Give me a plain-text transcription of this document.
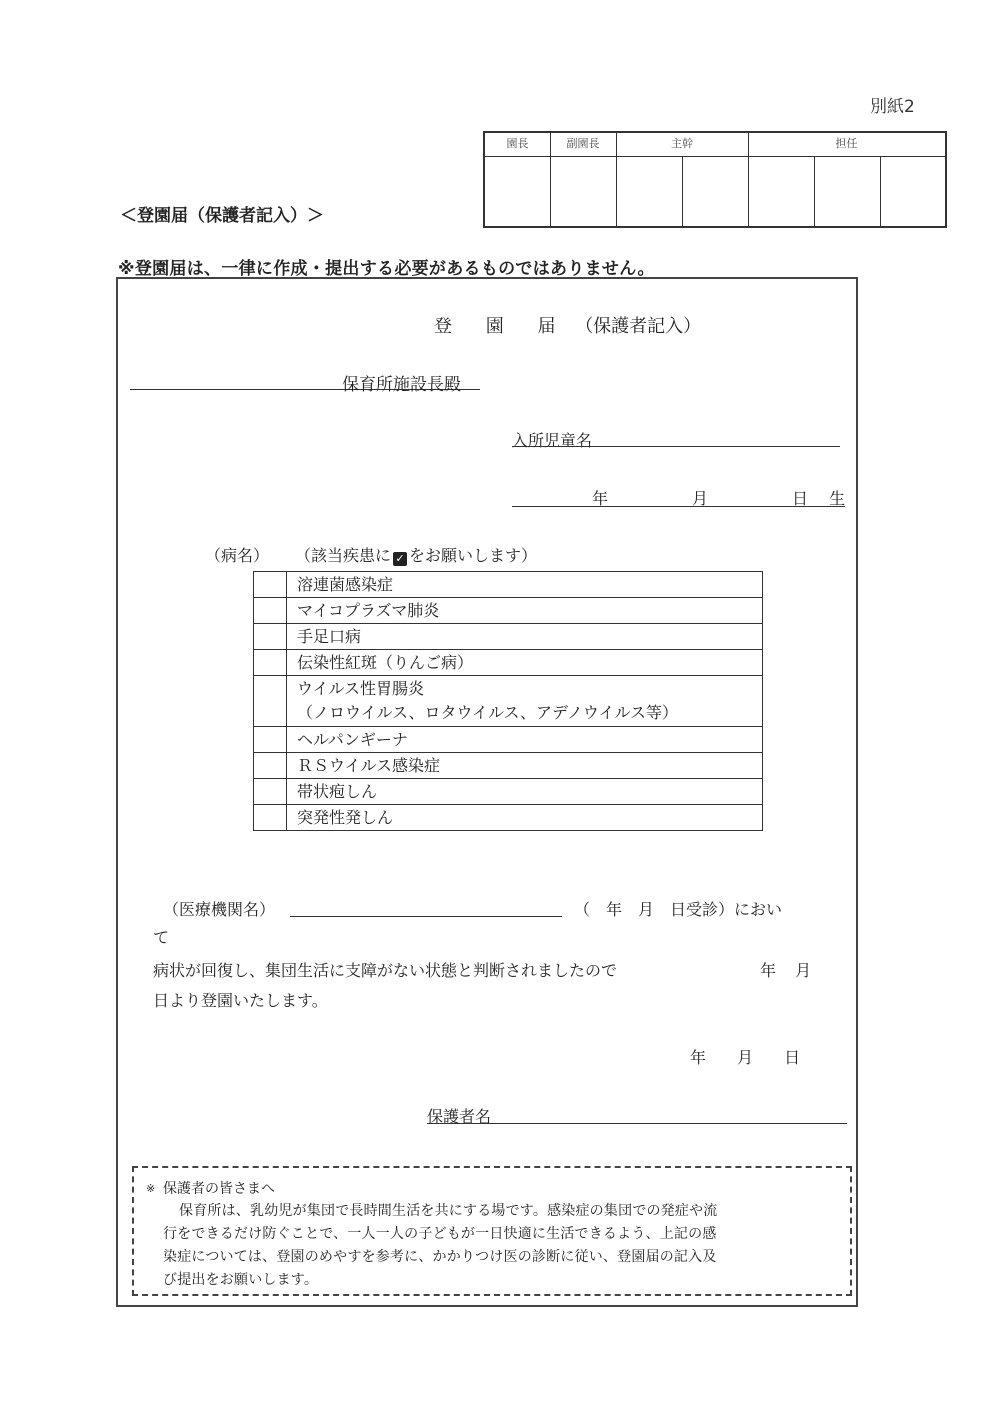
別紙2
園長	副園長	主幹	担任
＜登園届（保護者記入）＞
※登園届は、一律に作成・提出する必要があるものではありません。
登 園 届 （保護者記入）
保育所施設長殿
入所児童名
年	月	日 生
（病名） （該当疾患に ✓ をお願いします）
	溶連菌感染症
	マイコプラズマ肺炎
	手足口病
	伝染性紅斑（りんご病）
	ウイルス性胃腸炎
（ノロウイルス、ロタウイルス、アデノウイルス等）
	ヘルパンギーナ
	ＲＳウイルス感染症
	帯状疱しん
	突発性発しん
（医療機関名）	（　年　月　日受診）におい
て
病状が回復し、集団生活に支障がない状態と判断されましたので	年 月
日より登園いたします。
年 月 日
保護者名
※ 保護者の皆さまへ
保育所は、乳幼児が集団で長時間生活を共にする場です。感染症の集団での発症や流
行をできるだけ防ぐことで、一人一人の子どもが一日快適に生活できるよう、上記の感
染症については、登園のめやすを参考に、かかりつけ医の診断に従い、登園届の記入及
び提出をお願いします。
